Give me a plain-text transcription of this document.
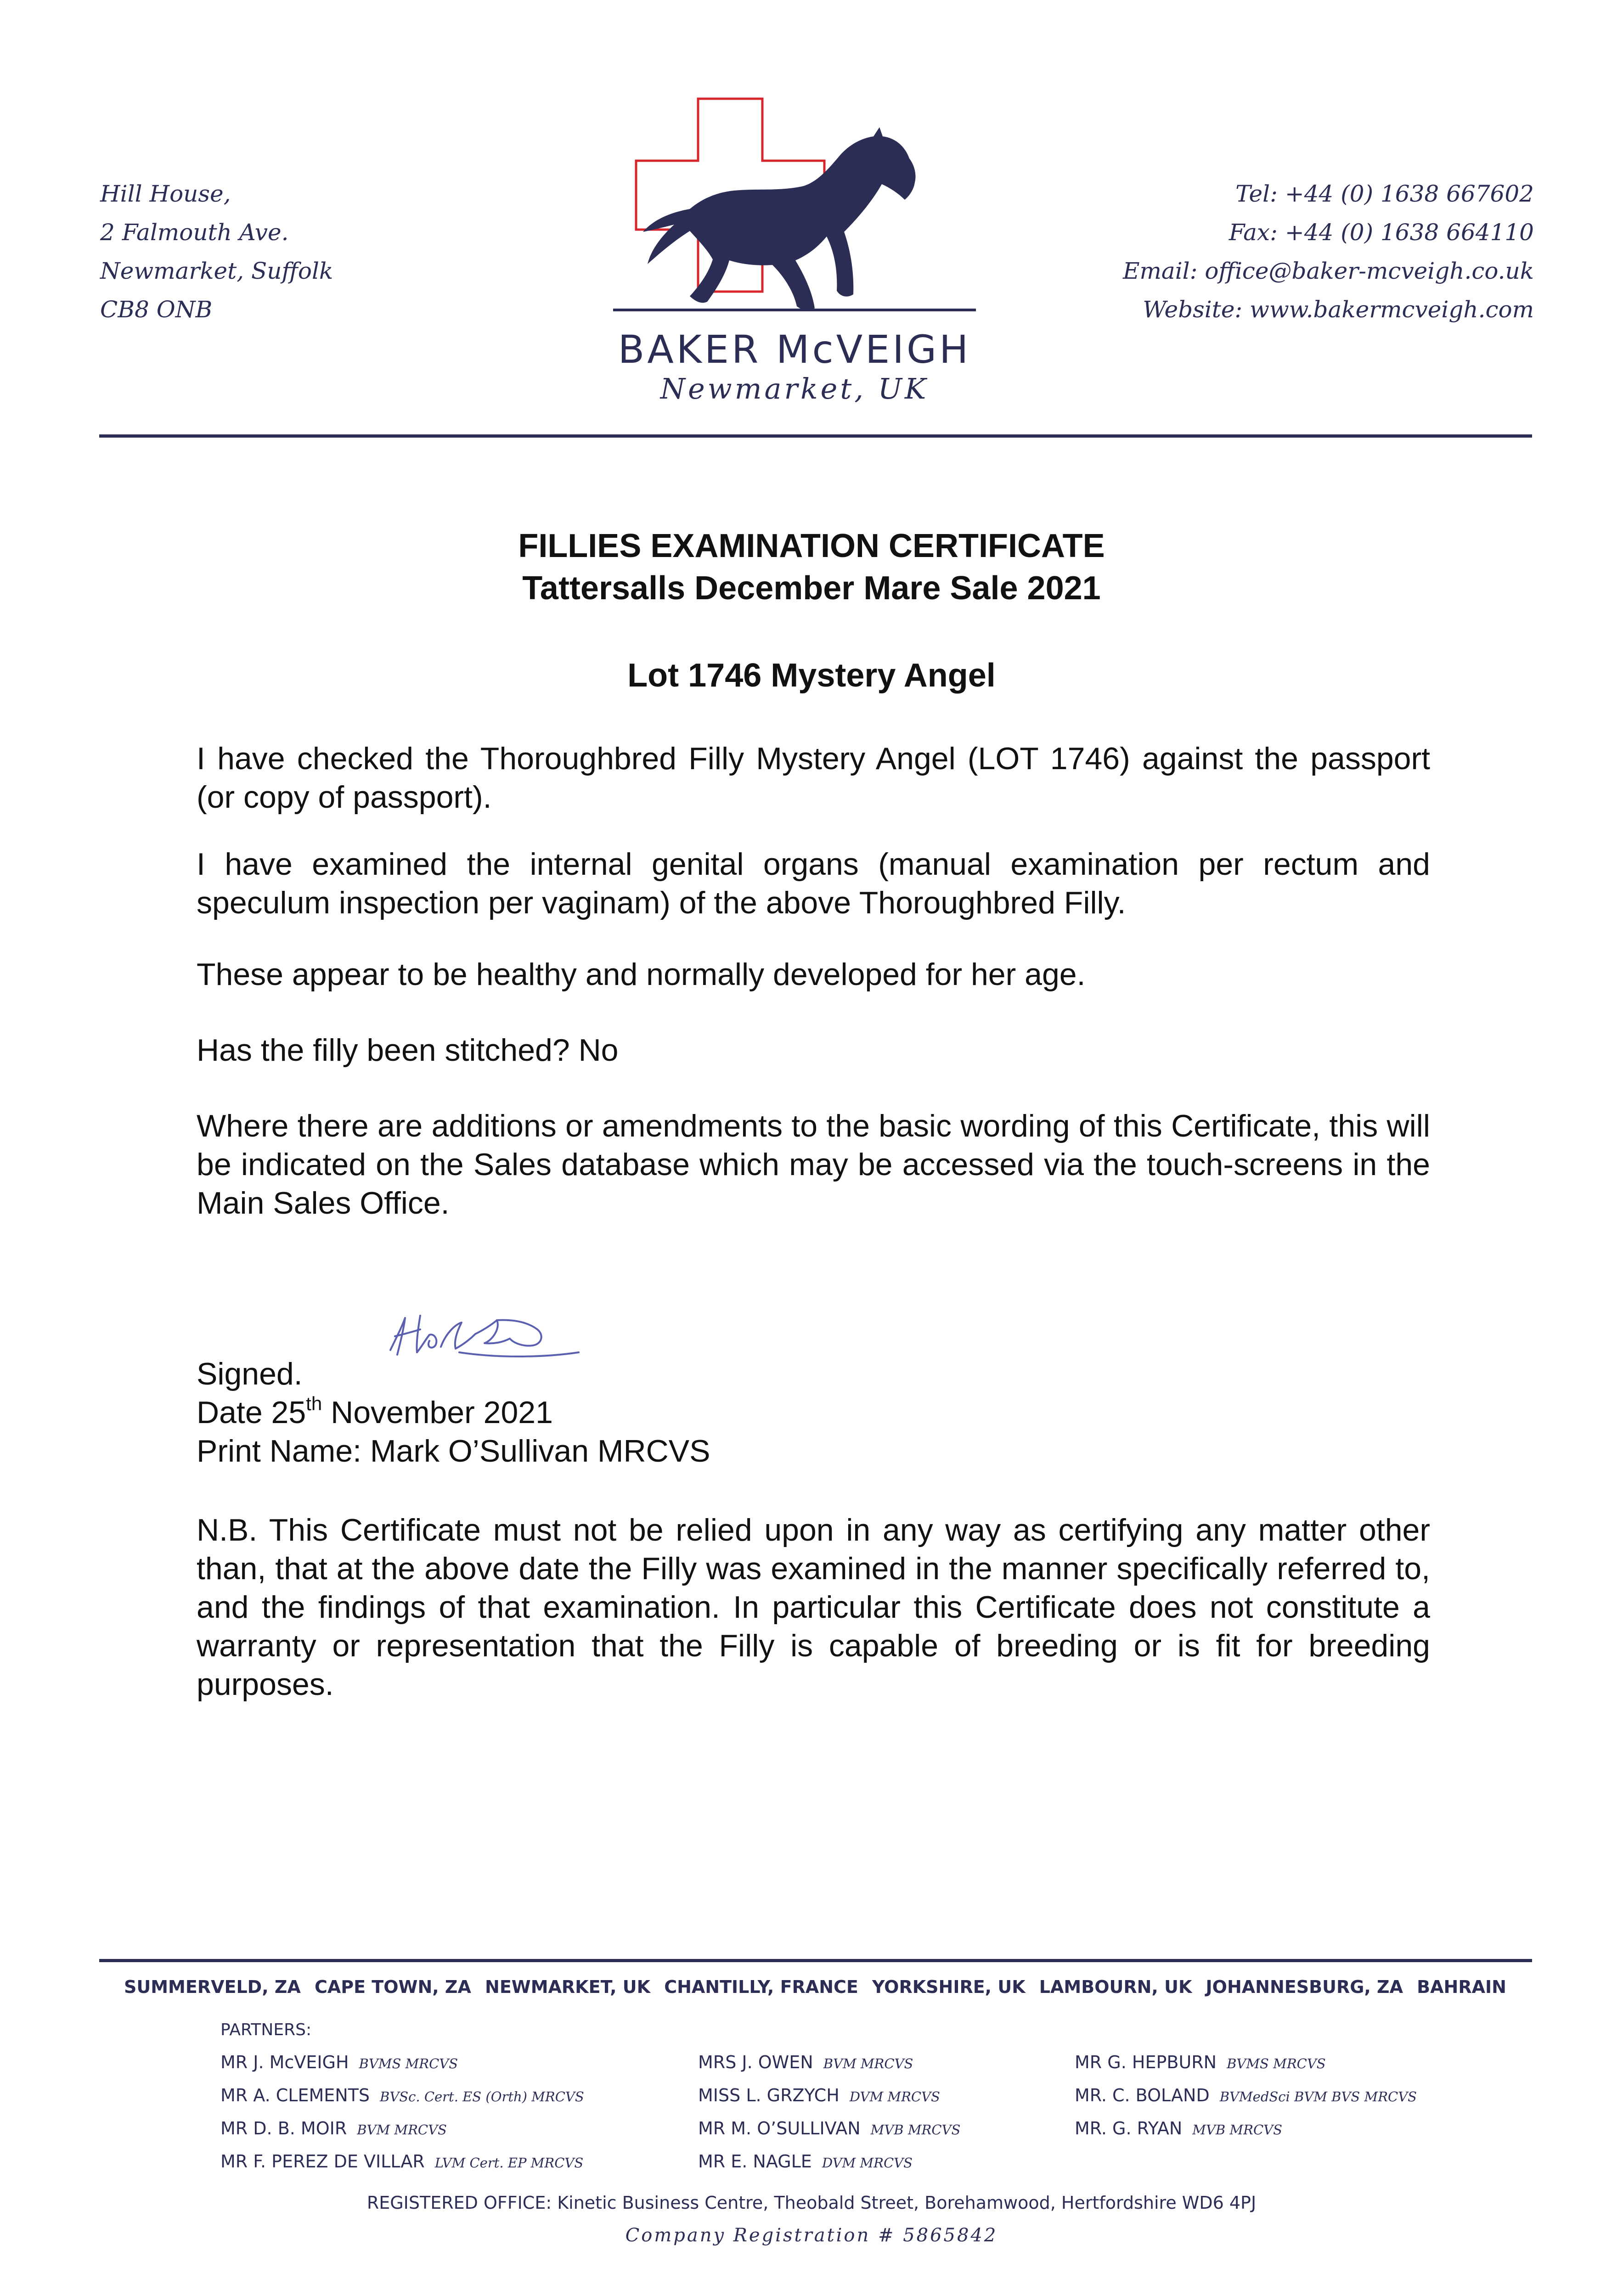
Hill House,
2 Falmouth Ave.
Newmarket, Suffolk
CB8 ONB
Tel: +44 (0) 1638 667602
Fax: +44 (0) 1638 664110
Email: office@baker-mcveigh.co.uk
Website: www.bakermcveigh.com
BAKER McVEIGH
Newmarket, UK
FILLIES EXAMINATION CERTIFICATE
Tattersalls December Mare Sale 2021
Lot 1746 Mystery Angel
I have checked the Thoroughbred Filly Mystery Angel (LOT 1746) against the passport (or copy of passport).
I have examined the internal genital organs (manual examination per rectum and speculum inspection per vaginam) of the above Thoroughbred Filly.
These appear to be healthy and normally developed for her age.
Has the filly been stitched? No
Where there are additions or amendments to the basic wording of this Certificate, this will be indicated on the Sales database which may be accessed via the touch-screens in the Main Sales Office.
Signed.
Date 25th November 2021
Print Name: Mark O’Sullivan MRCVS
N.B. This Certificate must not be relied upon in any way as certifying any matter other than, that at the above date the Filly was examined in the manner specifically referred to, and the findings of that examination. In particular this Certificate does not constitute a warranty or representation that the Filly is capable of breeding or is fit for breeding purposes.
SUMMERVELD, ZA CAPE TOWN, ZA NEWMARKET, UK CHANTILLY, FRANCE YORKSHIRE, UK LAMBOURN, UK JOHANNESBURG, ZA BAHRAIN
PARTNERS:
MR J. McVEIGH BVMS MRCVS
MR A. CLEMENTS BVSc. Cert. ES (Orth) MRCVS
MR D. B. MOIR BVM MRCVS
MR F. PEREZ DE VILLAR LVM Cert. EP MRCVS
MRS J. OWEN BVM MRCVS
MISS L. GRZYCH DVM MRCVS
MR M. O’SULLIVAN MVB MRCVS
MR E. NAGLE DVM MRCVS
MR G. HEPBURN BVMS MRCVS
MR. C. BOLAND BVMedSci BVM BVS MRCVS
MR. G. RYAN MVB MRCVS
REGISTERED OFFICE: Kinetic Business Centre, Theobald Street, Borehamwood, Hertfordshire WD6 4PJ
Company Registration # 5865842
